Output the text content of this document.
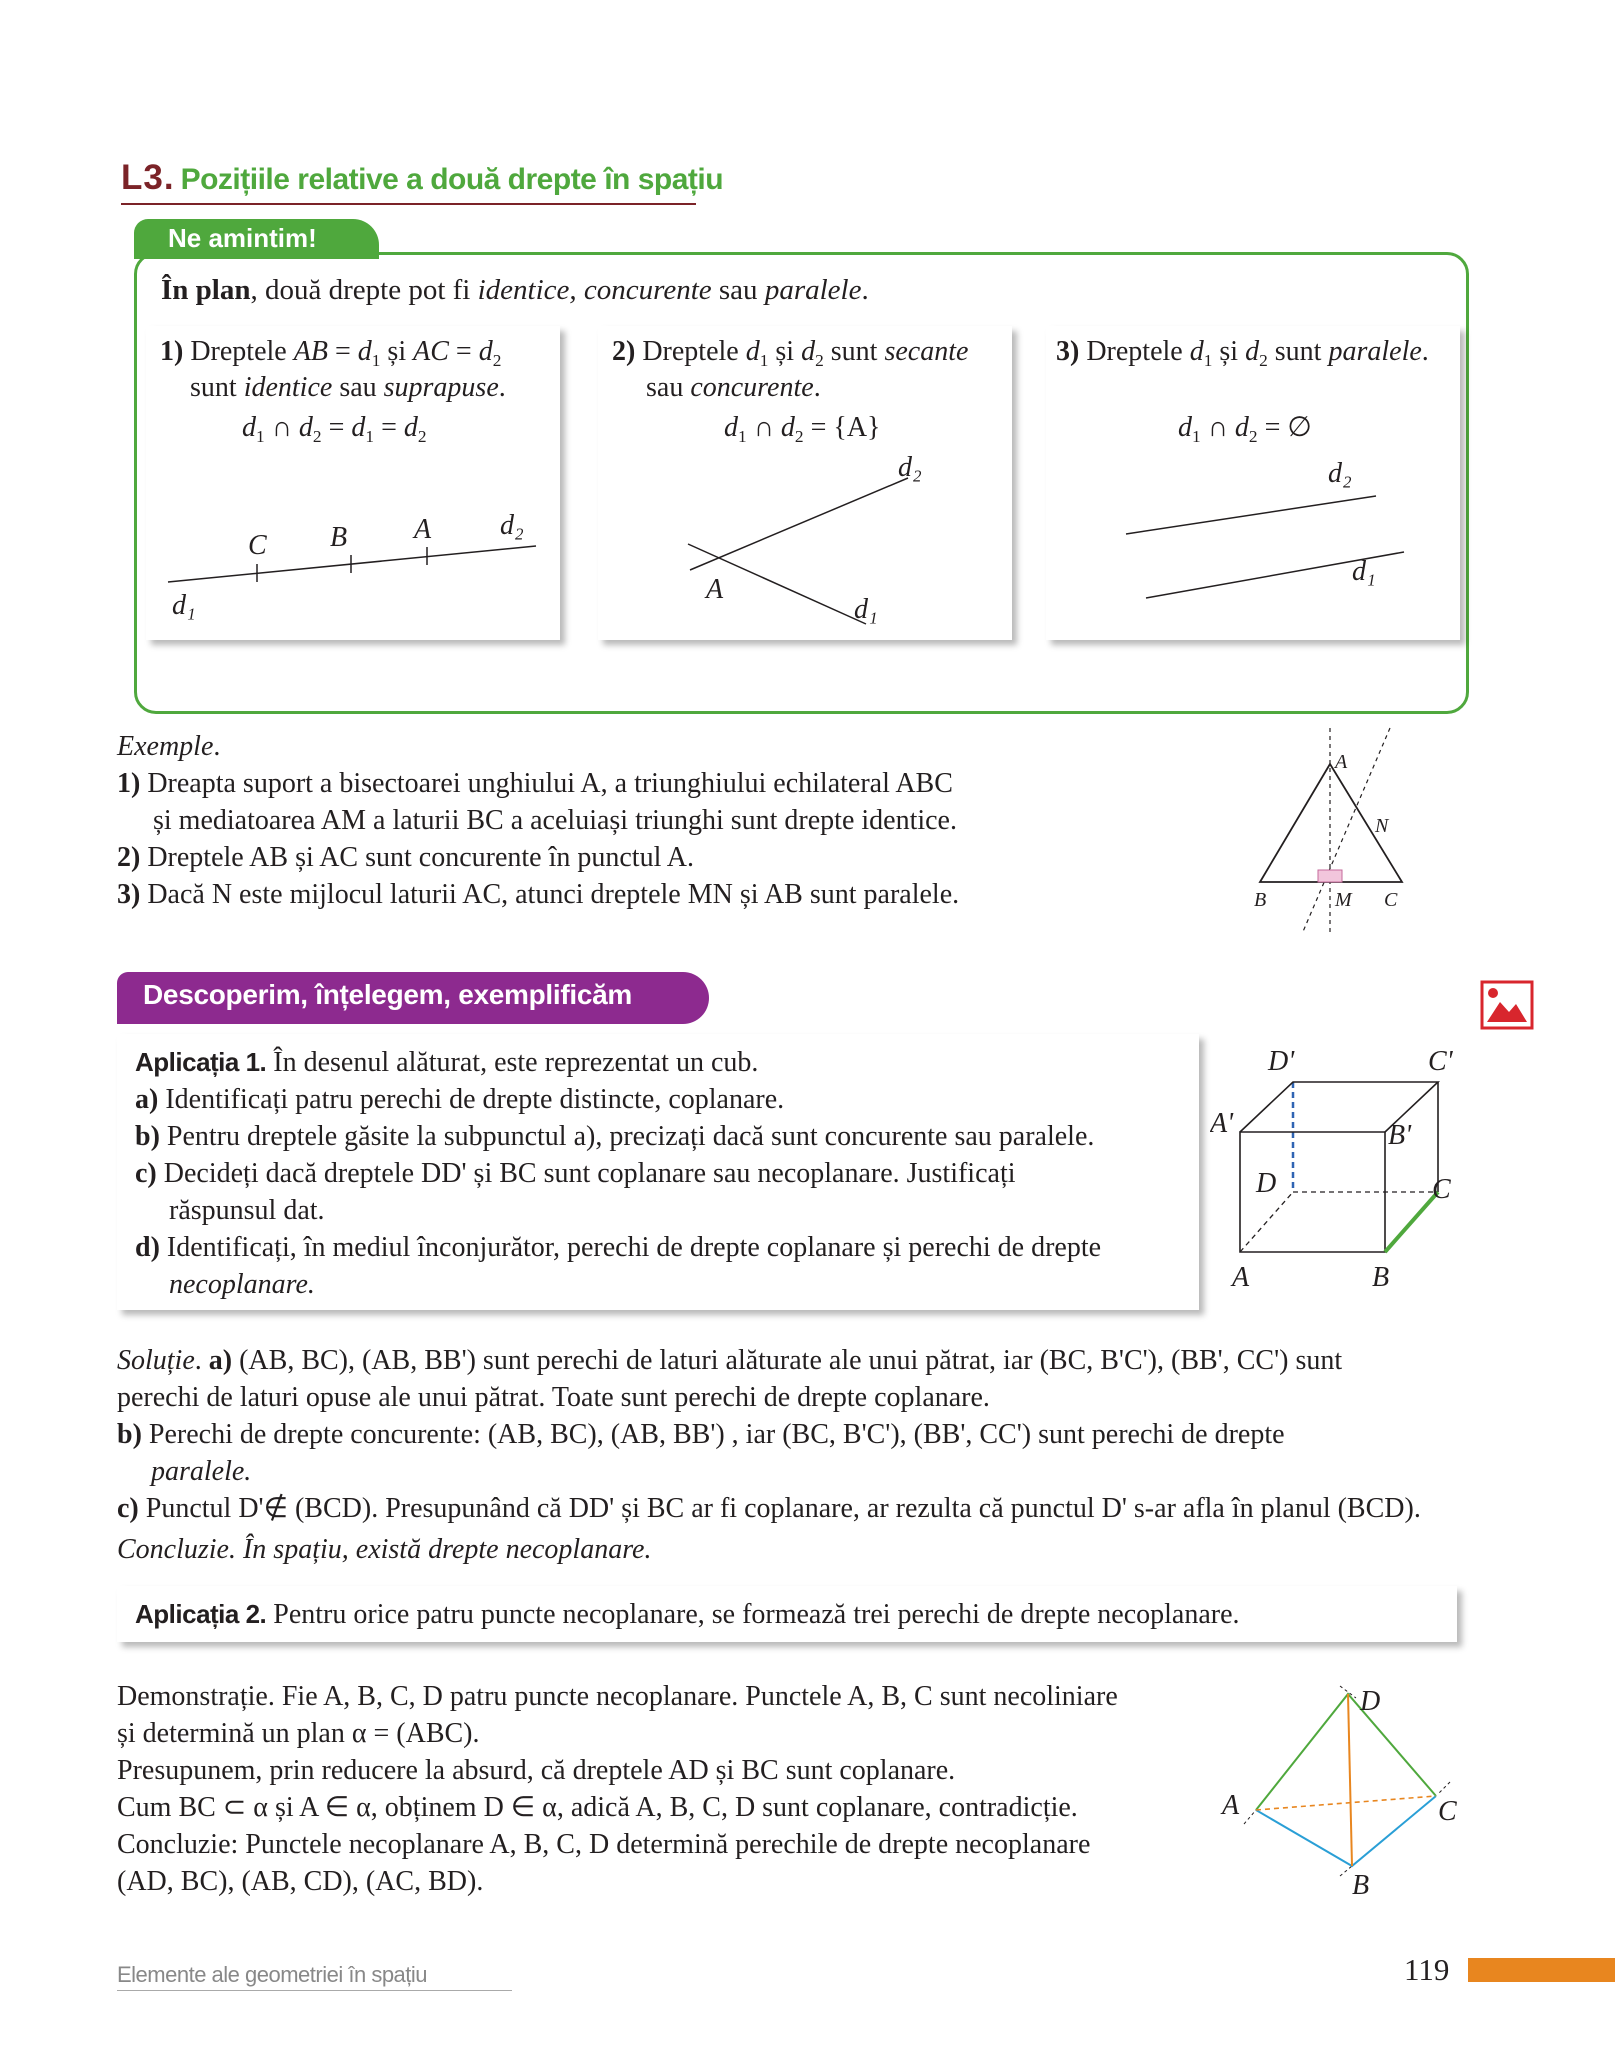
L3. Pozițiile relative a două drepte în spațiu
Ne amintim!
În plan, două drepte pot fi identice, concurente sau paralele.
1) Dreptele AB = $d_1$ și AC = $d_2$
sunt identice sau suprapuse.
$d_1$ ∩ $d_2 = d_1 = d_2$
C B A d₂
d₁
2) Dreptele $d_1$ și $d_2$ sunt secante
sau concurente.
$d_1$ ∩ $d_2 = \{A\}$
d₂
A
d₁
3) Dreptele $d_1$ și $d_2$ sunt paralele.
$d_1$ ∩ $d_2$ = ∅
d₂
d₁
Exemple.
1) Dreapta suport a bisectoarei unghiului A, a triunghiului echilateral ABC
și mediatoarea AM a laturii BC a aceluiași triunghi sunt drepte identice.
2) Dreptele AB și AC sunt concurente în punctul A.
3) Dacă N este mijlocul laturii AC, atunci dreptele MN și AB sunt paralele.
A
N
B	M C
Descoperim, înțelegem, exemplificăm
Aplicația 1. În desenul alăturat, este reprezentat un cub.
a) Identificați patru perechi de drepte distincte, coplanare.
b) Pentru dreptele găsite la subpunctul a), precizați dacă sunt concurente sau paralele.
c) Decideți dacă dreptele DD' și BC sunt coplanare sau necoplanare. Justificați
răspunsul dat.
d) Identificați, în mediul înconjurător, perechi de drepte coplanare și perechi de drepte
necoplanare.
D'	C'
A'	B'
D	C
A	B
Soluție. a) (AB, BC), (AB, BB') sunt perechi de laturi alăturate ale unui pătrat, iar (BC, B'C'), (BB', CC') sunt
perechi de laturi opuse ale unui pătrat. Toate sunt perechi de drepte coplanare.
b) Perechi de drepte concurente: (AB, BC), (AB, BB') , iar (BC, B'C'), (BB', CC') sunt perechi de drepte
paralele.
c) Punctul D'∉ (BCD). Presupunând că DD' și BC ar fi coplanare, ar rezulta că punctul D' s-ar afla în planul (BCD).
Concluzie. În spațiu, există drepte necoplanare.
Aplicația 2. Pentru orice patru puncte necoplanare, se formează trei perechi de drepte necoplanare.
Demonstrație. Fie A, B, C, D patru puncte necoplanare. Punctele A, B, C sunt necoliniare
și determină un plan α = (ABC).
Presupunem, prin reducere la absurd, că dreptele AD și BC sunt coplanare.
Cum BC ⊂ α și A ∈ α, obținem D ∈ α, adică A, B, C, D sunt coplanare, contradicție.
Concluzie: Punctele necoplanare A, B, C, D determină perechile de drepte necoplanare
(AD, BC), (AB, CD), (AC, BD).
D
A	C
B
Elemente ale geometriei în spațiu	119
